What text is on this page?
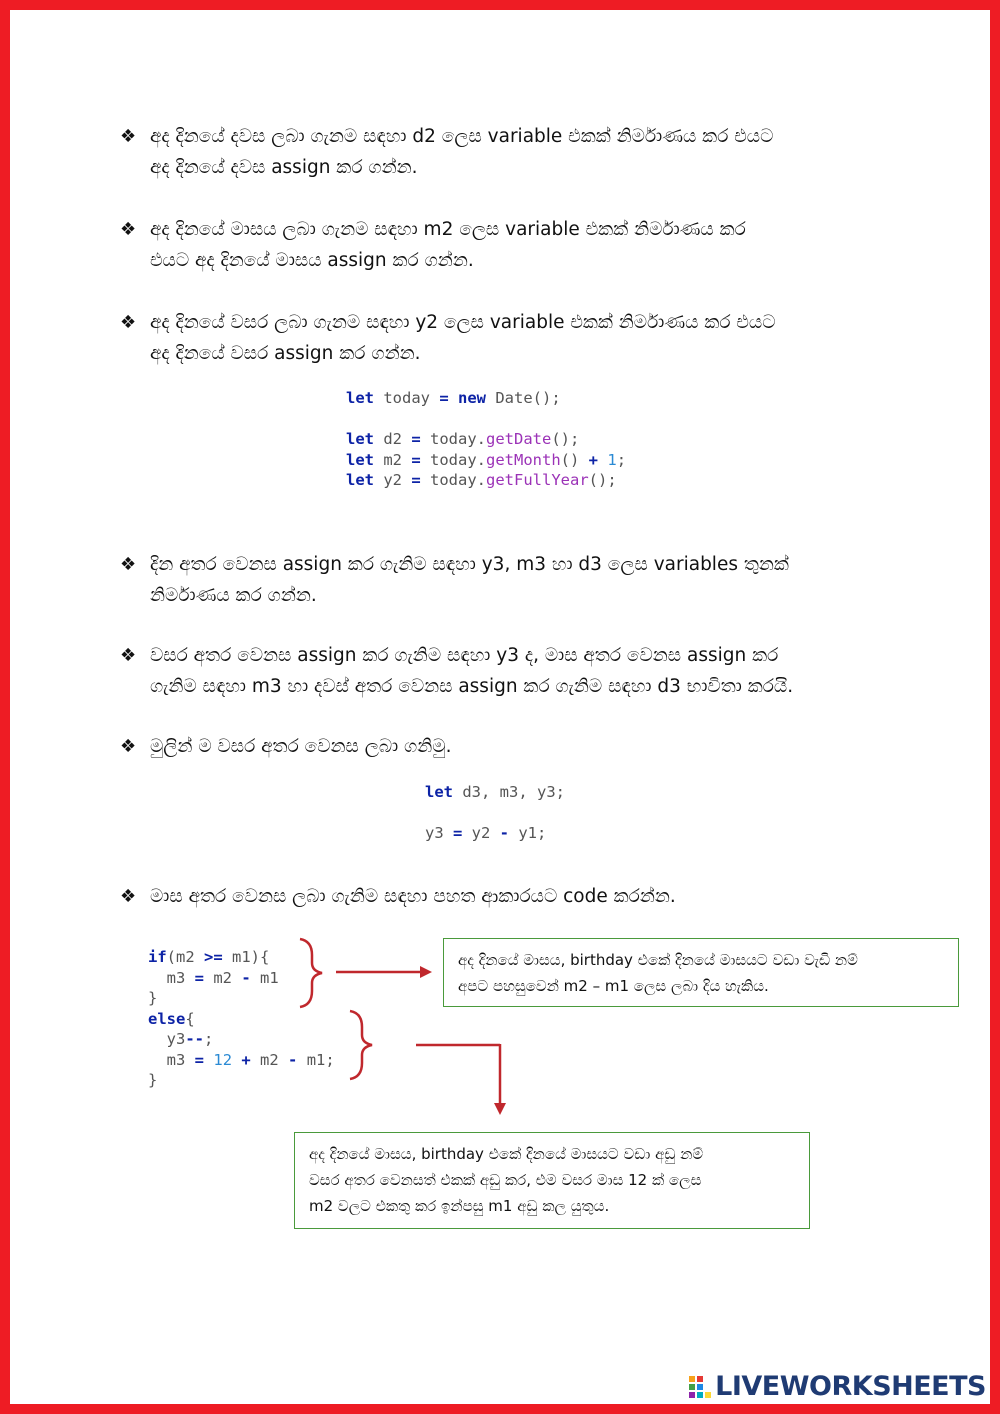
❖ අද දිනයේ දවස ලබා ගැනම සඳහා d2 ලෙස variable එකක් නිර්මාණය කර එයට
අද දිනයේ දවස assign කර ගන්න.
❖ අද දිනයේ මාසය ලබා ගැනම සඳහා m2 ලෙස variable එකක් නිර්මාණය කර
එයට අද දිනයේ මාසය assign කර ගන්න.
❖ අද දිනයේ වසර ලබා ගැනම සඳහා y2 ලෙස variable එකක් නිර්මාණය කර එයට
අද දිනයේ වසර assign කර ගන්න.
let today = new Date();

let d2 = today.getDate();
let m2 = today.getMonth() + 1;
let y2 = today.getFullYear();
❖ දින අතර වෙනස assign කර ගැනිම සඳහා y3, m3 හා d3 ලෙස variables තුනක්
නිර්මාණය කර ගන්න.
❖ වසර අතර වෙනස assign කර ගැනිම සඳහා y3 ද, මාස අතර වෙනස assign කර
ගැනිම සඳහා m3 හා දවස් අතර වෙනස assign කර ගැනිම සඳහා d3 භාවිතා කරයි.
❖ මුලින් ම වසර අතර වෙනස ලබා ගනිමු.
let d3, m3, y3;

y3 = y2 - y1;
❖ මාස අතර වෙනස ලබා ගැනිම සඳහා පහත ආකාරයට code කරන්න.
if(m2 >= m1){
m3 = m2 - m1
}
else{
y3--;
m3 = 12 + m2 - m1;
}
අද දිනයේ මාසය, birthday එකේ දිනයේ මාසයට වඩා වැඩි නම්
අපට පහසුවෙන් m2 – m1 ලෙස ලබා දිය හැකිය.
අද දිනයේ මාසය, birthday එකේ දිනයේ මාසයට වඩා අඩු නම්
වසර අතර වෙනසත් එකක් අඩු කර, එම වසර මාස 12 ක් ලෙස
m2 වලට එකතු කර ඉන්පසු m1 අඩු කල යුතුය.
LIVEWORKSHEETS
